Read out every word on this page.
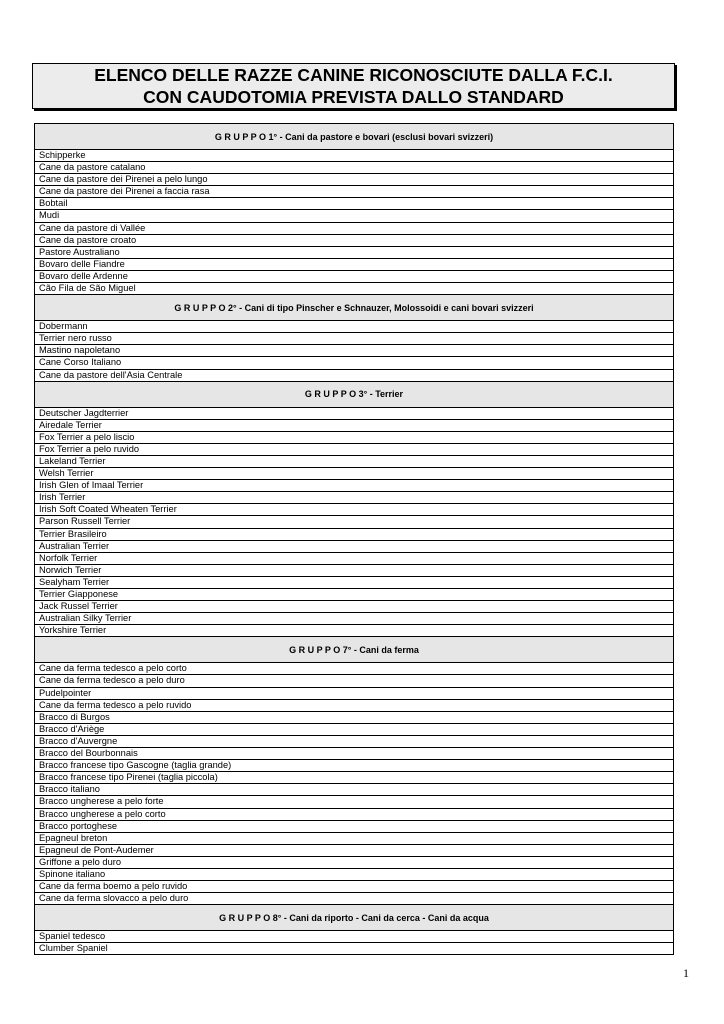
ELENCO DELLE RAZZE CANINE RICONOSCIUTE DALLA F.C.I.
CON CAUDOTOMIA PREVISTA DALLO STANDARD
G R U P P O 1° - Cani da pastore e bovari (esclusi bovari svizzeri)
Schipperke
Cane da pastore catalano
Cane da pastore dei Pirenei a pelo lungo
Cane da pastore dei Pirenei a faccia rasa
Bobtail
Mudi
Cane da pastore di Vallée
Cane da pastore croato
Pastore Australiano
Bovaro delle Fiandre
Bovaro delle Ardenne
Cão Fila de São Miguel
G R U P P O 2° - Cani di tipo Pinscher e Schnauzer, Molossoidi e cani bovari svizzeri
Dobermann
Terrier nero russo
Mastino napoletano
Cane Corso Italiano
Cane da pastore dell'Asia Centrale
G R U P P O 3° - Terrier
Deutscher Jagdterrier
Airedale Terrier
Fox Terrier a pelo liscio
Fox Terrier a pelo ruvido
Lakeland Terrier
Welsh Terrier
Irish Glen of Imaal Terrier
Irish Terrier
Irish Soft Coated Wheaten Terrier
Parson Russell Terrier
Terrier Brasileiro
Australian Terrier
Norfolk Terrier
Norwich Terrier
Sealyham Terrier
Terrier Giapponese
Jack Russel Terrier
Australian Silky Terrier
Yorkshire Terrier
G R U P P O 7° - Cani da ferma
Cane da ferma tedesco a pelo corto
Cane da ferma tedesco a pelo duro
Pudelpointer
Cane da ferma tedesco a pelo ruvido
Bracco di Burgos
Bracco d'Ariège
Bracco d'Auvergne
Bracco del Bourbonnais
Bracco francese tipo Gascogne (taglia grande)
Bracco francese tipo Pirenei (taglia piccola)
Bracco italiano
Bracco ungherese a pelo forte
Bracco ungherese a pelo corto
Bracco portoghese
Epagneul breton
Epagneul de Pont-Audemer
Griffone a pelo duro
Spinone italiano
Cane da ferma boemo a pelo ruvido
Cane da ferma slovacco a pelo duro
G R U P P O 8° - Cani da riporto - Cani da cerca - Cani da acqua
Spaniel tedesco
Clumber Spaniel
1
